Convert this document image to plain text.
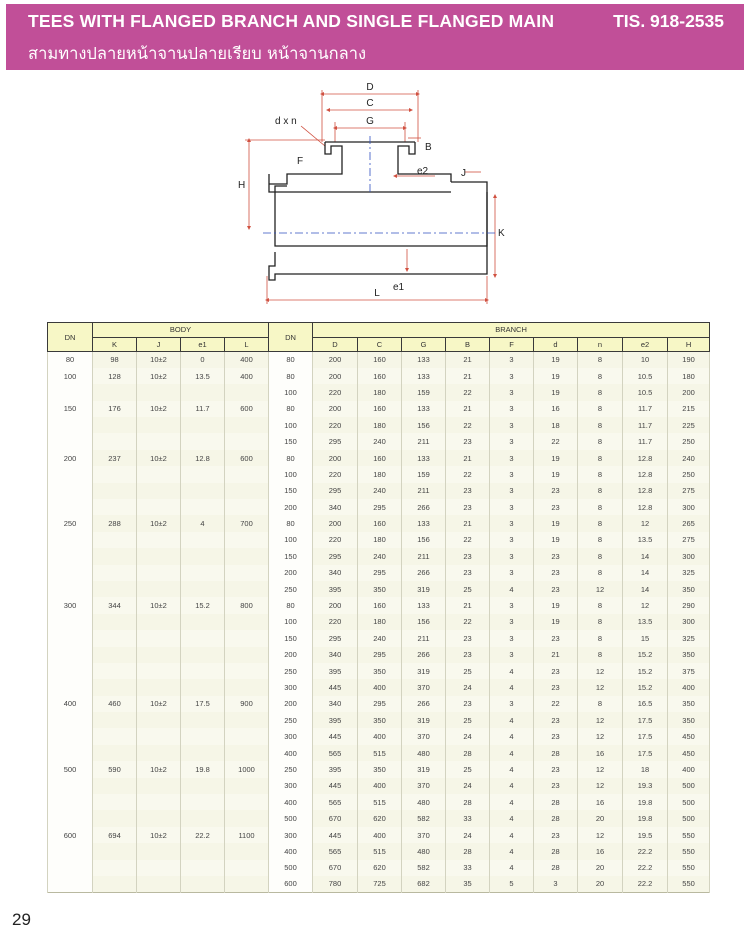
TEES WITH FLANGED BRANCH AND SINGLE FLANGED MAIN	TIS. 918-2535
สามทางปลายหน้าจานปลายเรียบ หน้าจานกลาง
D
C
G
d x n
B
F
H
e2	J
K
e1
L
DN	BODY				DN	BRANCH								
	K	J	e1	L		D	C	G	B	F	d	n	e2	H
80	98	10±2	0	400	80	200	160	133	21	3	19	8	10	190
100	128	10±2	13.5	400	80	200	160	133	21	3	19	8	10.5	180
					100	220	180	159	22	3	19	8	10.5	200
150	176	10±2	11.7	600	80	200	160	133	21	3	16	8	11.7	215
					100	220	180	156	22	3	18	8	11.7	225
					150	295	240	211	23	3	22	8	11.7	250
200	237	10±2	12.8	600	80	200	160	133	21	3	19	8	12.8	240
					100	220	180	159	22	3	19	8	12.8	250
					150	295	240	211	23	3	23	8	12.8	275
					200	340	295	266	23	3	23	8	12.8	300
250	288	10±2	4	700	80	200	160	133	21	3	19	8	12	265
					100	220	180	156	22	3	19	8	13.5	275
					150	295	240	211	23	3	23	8	14	300
					200	340	295	266	23	3	23	8	14	325
					250	395	350	319	25	4	23	12	14	350
300	344	10±2	15.2	800	80	200	160	133	21	3	19	8	12	290
					100	220	180	156	22	3	19	8	13.5	300
					150	295	240	211	23	3	23	8	15	325
					200	340	295	266	23	3	21	8	15.2	350
					250	395	350	319	25	4	23	12	15.2	375
					300	445	400	370	24	4	23	12	15.2	400
400	460	10±2	17.5	900	200	340	295	266	23	3	22	8	16.5	350
					250	395	350	319	25	4	23	12	17.5	350
					300	445	400	370	24	4	23	12	17.5	450
					400	565	515	480	28	4	28	16	17.5	450
500	590	10±2	19.8	1000	250	395	350	319	25	4	23	12	18	400
					300	445	400	370	24	4	23	12	19.3	500
					400	565	515	480	28	4	28	16	19.8	500
					500	670	620	582	33	4	28	20	19.8	500
600	694	10±2	22.2	1100	300	445	400	370	24	4	23	12	19.5	550
					400	565	515	480	28	4	28	16	22.2	550
					500	670	620	582	33	4	28	20	22.2	550
					600	780	725	682	35	5	3	20	22.2	550
29
